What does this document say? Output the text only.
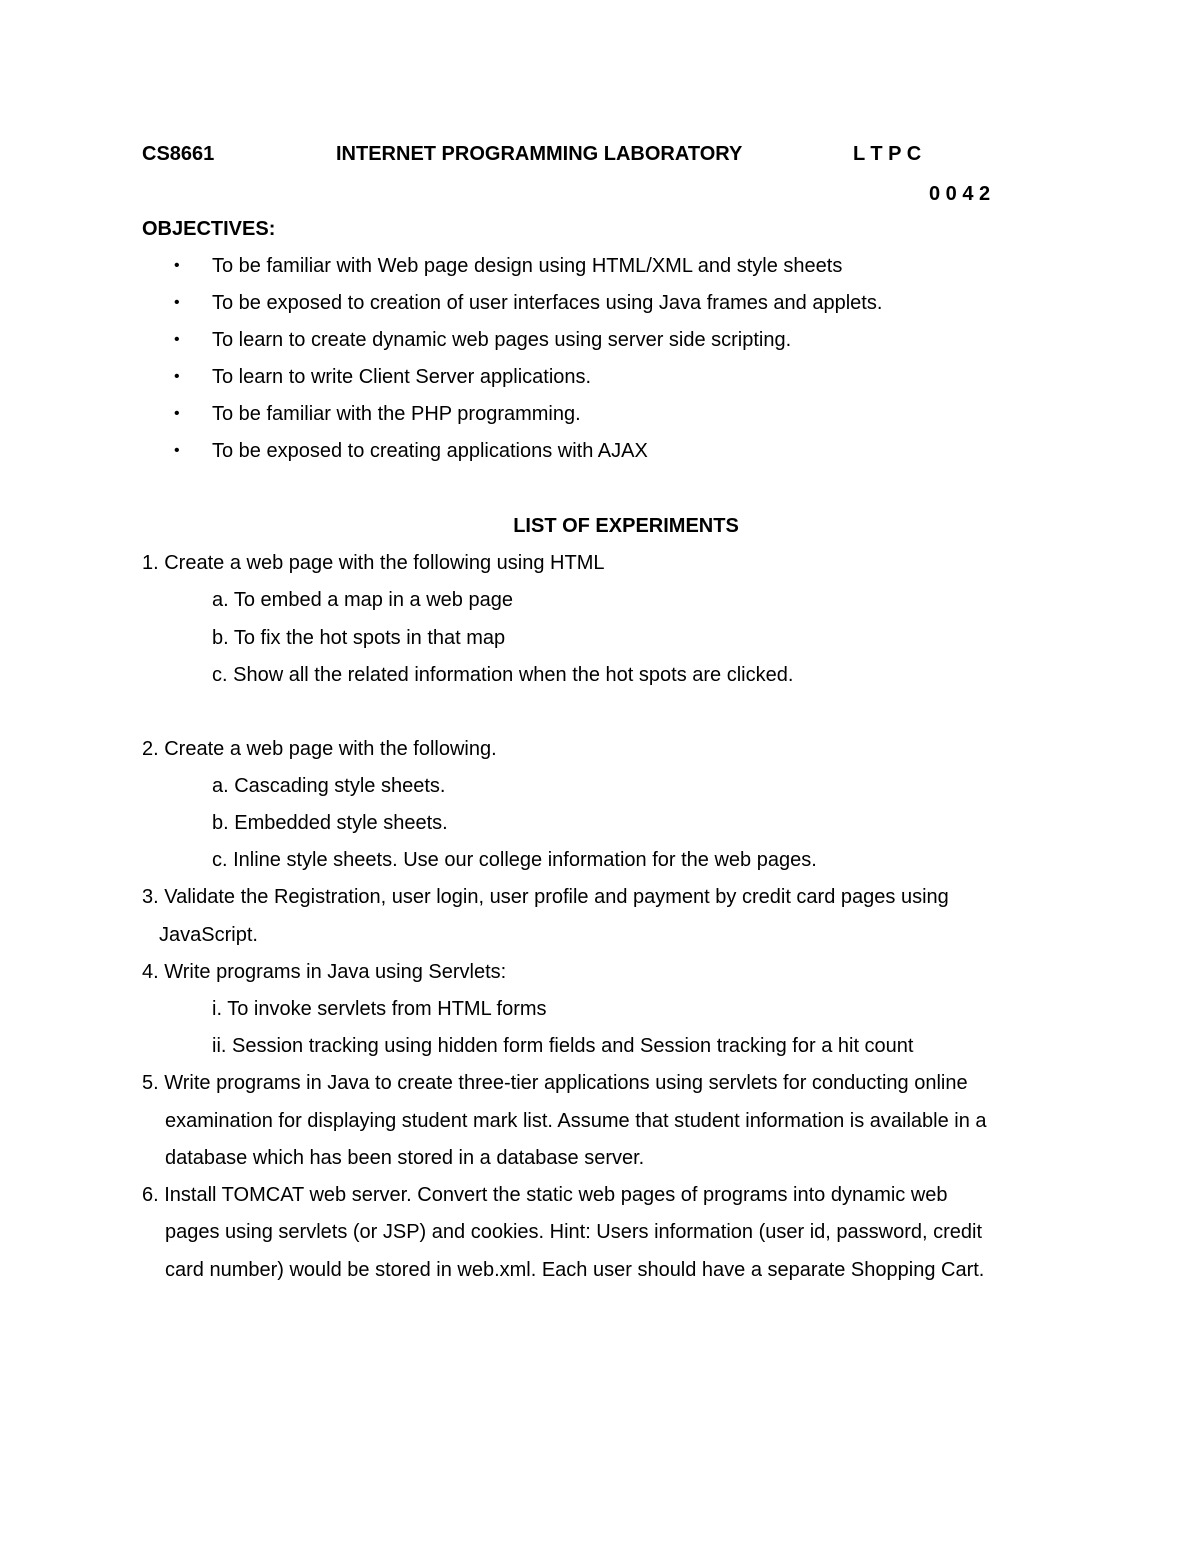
CS8661	INTERNET PROGRAMMING LABORATORY	L T P C
0 0 4 2
OBJECTIVES:
• To be familiar with Web page design using HTML/XML and style sheets
• To be exposed to creation of user interfaces using Java frames and applets.
• To learn to create dynamic web pages using server side scripting.
• To learn to write Client Server applications.
• To be familiar with the PHP programming.
• To be exposed to creating applications with AJAX
LIST OF EXPERIMENTS
1. Create a web page with the following using HTML
a. To embed a map in a web page
b. To fix the hot spots in that map
c. Show all the related information when the hot spots are clicked.
2. Create a web page with the following.
a. Cascading style sheets.
b. Embedded style sheets.
c. Inline style sheets. Use our college information for the web pages.
3. Validate the Registration, user login, user profile and payment by credit card pages using
JavaScript.
4. Write programs in Java using Servlets:
i. To invoke servlets from HTML forms
ii. Session tracking using hidden form fields and Session tracking for a hit count
5. Write programs in Java to create three-tier applications using servlets for conducting online
examination for displaying student mark list. Assume that student information is available in a
database which has been stored in a database server.
6. Install TOMCAT web server. Convert the static web pages of programs into dynamic web
pages using servlets (or JSP) and cookies. Hint: Users information (user id, password, credit
card number) would be stored in web.xml. Each user should have a separate Shopping Cart.
